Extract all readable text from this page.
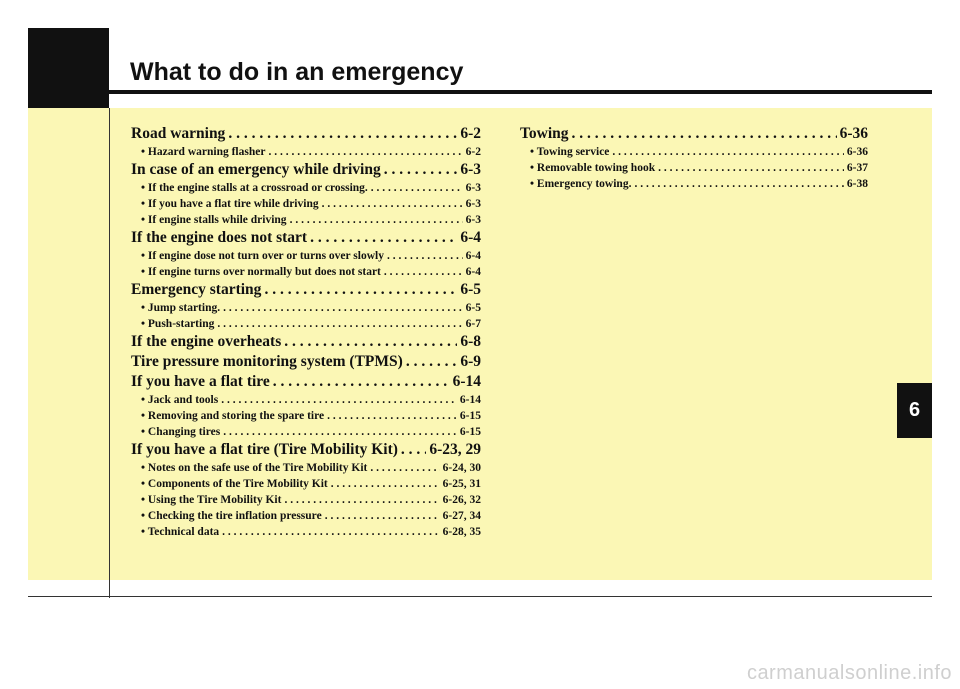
What to do in an emergency
6
Road warning . . .	6-2
• Hazard warning flasher . . .	6-2
In case of an emergency while driving . . .	6-3
• If the engine stalls at a crossroad or crossing. . . .	6-3
• If you have a flat tire while driving . . .	6-3
• If engine stalls while driving . . .	6-3
If the engine does not start . . .	6-4
• If engine dose not turn over or turns over slowly . . .	6-4
• If engine turns over normally but does not start . . .	6-4
Emergency starting . . .	6-5
• Jump starting. . . .	6-5
• Push-starting . . .	6-7
If the engine overheats . . .	6-8
Tire pressure monitoring system (TPMS) . . .	6-9
If you have a flat tire . . .	6-14
• Jack and tools . . .	6-14
• Removing and storing the spare tire . . .	6-15
• Changing tires . . .	6-15
If you have a flat tire (Tire Mobility Kit) . . . 6-23, 29
• Notes on the safe use of the Tire Mobility Kit . . .	6-24, 30
• Components of the Tire Mobility Kit . . .	6-25, 31
• Using the Tire Mobility Kit . . .	6-26, 32
• Checking the tire inflation pressure . . .	6-27, 34
• Technical data . . .	6-28, 35
Towing . . .	6-36
• Towing service . . .	6-36
• Removable towing hook . . .	6-37
• Emergency towing. . . .	6-38
carmanualsonline.info
